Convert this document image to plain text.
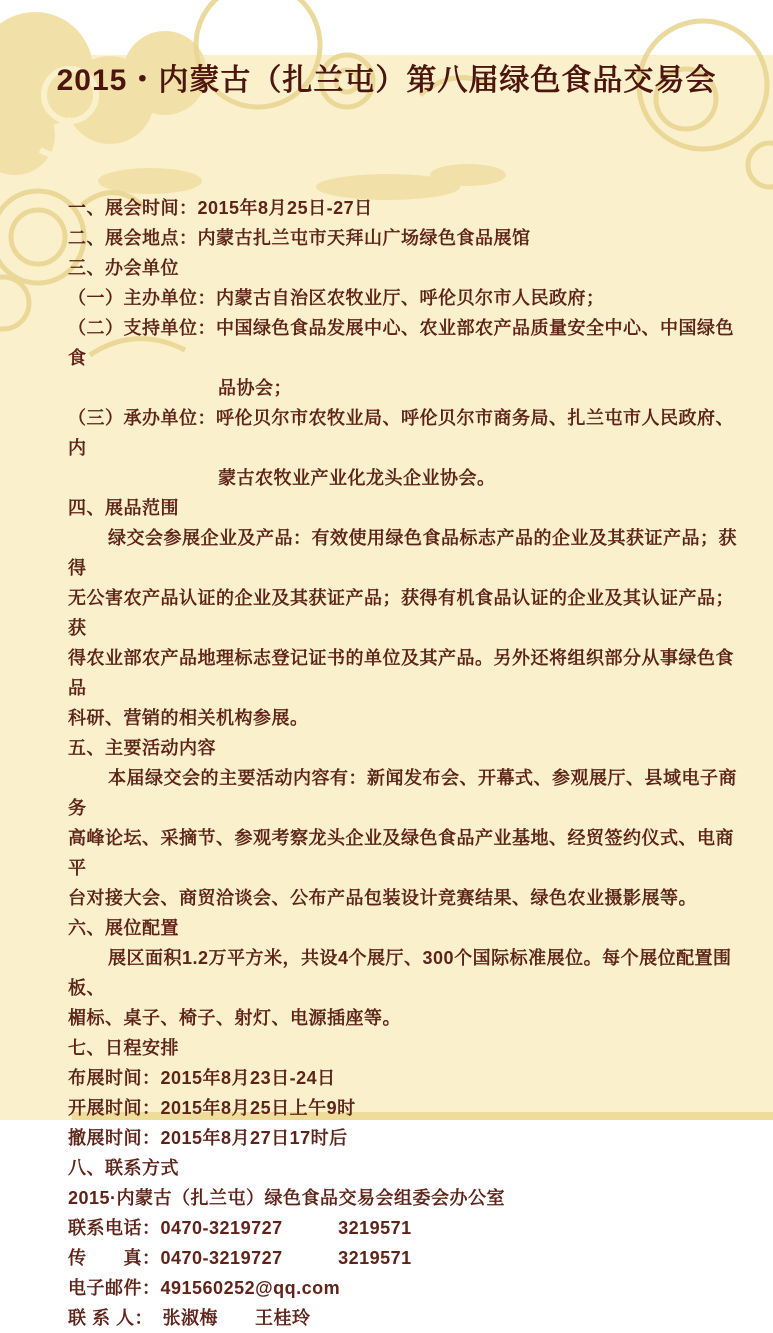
2015・内蒙古（扎兰屯）第八届绿色食品交易会

一、展会时间：2015年8月25日-27日

二、展会地点：内蒙古扎兰屯市天拜山广场绿色食品展馆

三、办会单位

（一）主办单位：内蒙古自治区农牧业厅、呼伦贝尔市人民政府；

（二）支持单位：中国绿色食品发展中心、农业部农产品质量安全中心、中国绿色食

品协会；

（三）承办单位：呼伦贝尔市农牧业局、呼伦贝尔市商务局、扎兰屯市人民政府、内

蒙古农牧业产业化龙头企业协会。

四、展品范围

绿交会参展企业及产品：有效使用绿色食品标志产品的企业及其获证产品；获得

无公害农产品认证的企业及其获证产品；获得有机食品认证的企业及其认证产品；获

得农业部农产品地理标志登记证书的单位及其产品。另外还将组织部分从事绿色食品

科研、营销的相关机构参展。

五、主要活动内容

本届绿交会的主要活动内容有：新闻发布会、开幕式、参观展厅、县域电子商务

高峰论坛、采摘节、参观考察龙头企业及绿色食品产业基地、经贸签约仪式、电商平

台对接大会、商贸洽谈会、公布产品包装设计竞赛结果、绿色农业摄影展等。

六、展位配置

展区面积1.2万平方米，共设4个展厅、300个国际标准展位。每个展位配置围板、

楣标、桌子、椅子、射灯、电源插座等。

七、日程安排

布展时间：2015年8月23日-24日

开展时间：2015年8月25日上午9时

撤展时间：2015年8月27日17时后

八、联系方式

2015·内蒙古（扎兰屯）绿色食品交易会组委会办公室

联系电话：0470-3219727　　　3219571

传　　真：0470-3219727　　　3219571

电子邮件：491560252@qq.com

联 系 人：　张淑梅　　王桂玲
